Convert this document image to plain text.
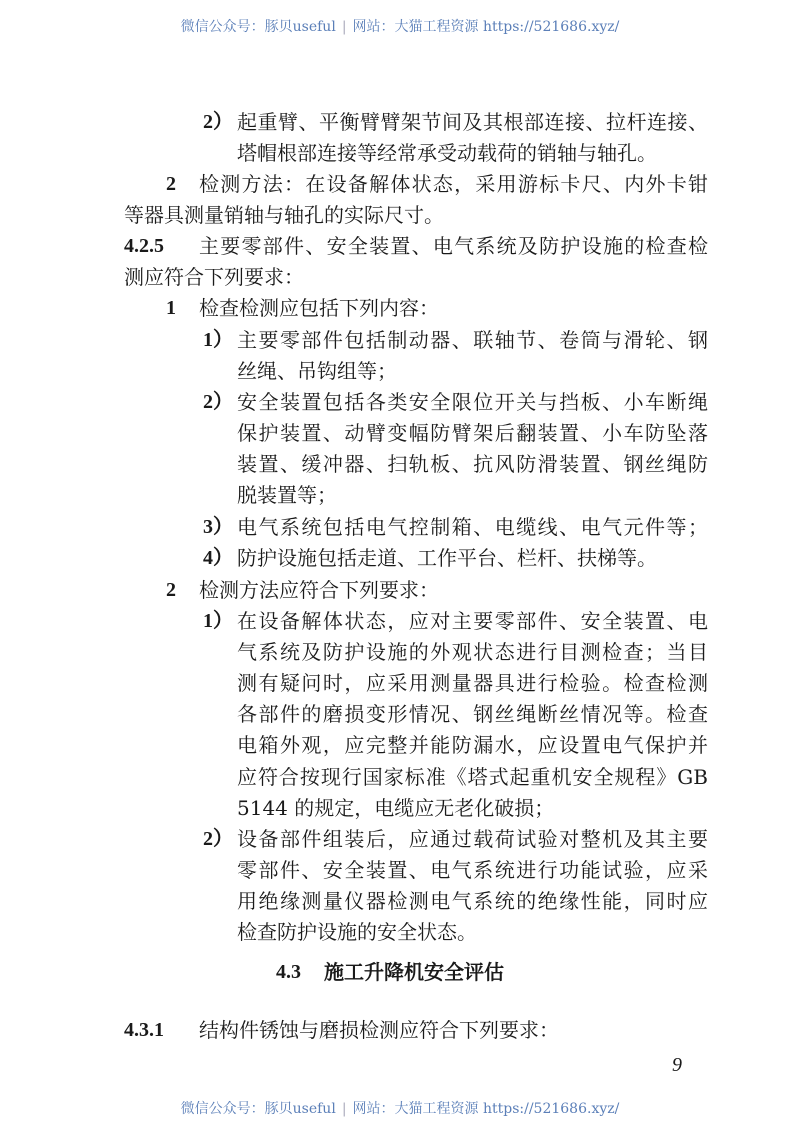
微信公众号：豚贝useful | 网站：大猫工程资源 https://521686.xyz/
2） 起重臂、平衡臂臂架节间及其根部连接、拉杆连接、
塔帽根部连接等经常承受动载荷的销轴与轴孔。
2 检测方法：在设备解体状态，采用游标卡尺、内外卡钳
等器具测量销轴与轴孔的实际尺寸。
4.2.5 主要零部件、安全装置、电气系统及防护设施的检查检
测应符合下列要求：
1 检查检测应包括下列内容：
1） 主要零部件包括制动器、联轴节、卷筒与滑轮、钢
丝绳、吊钩组等；
2） 安全装置包括各类安全限位开关与挡板、小车断绳
保护装置、动臂变幅防臂架后翻装置、小车防坠落
装置、缓冲器、扫轨板、抗风防滑装置、钢丝绳防
脱装置等；
3） 电气系统包括电气控制箱、电缆线、电气元件等；
4） 防护设施包括走道、工作平台、栏杆、扶梯等。
2 检测方法应符合下列要求：
1） 在设备解体状态，应对主要零部件、安全装置、电
气系统及防护设施的外观状态进行目测检查；当目
测有疑问时，应采用测量器具进行检验。检查检测
各部件的磨损变形情况、钢丝绳断丝情况等。检查
电箱外观，应完整并能防漏水，应设置电气保护并
应符合按现行国家标准《塔式起重机安全规程》GB
5144 的规定，电缆应无老化破损；
2） 设备部件组装后，应通过载荷试验对整机及其主要
零部件、安全装置、电气系统进行功能试验，应采
用绝缘测量仪器检测电气系统的绝缘性能，同时应
检查防护设施的安全状态。
4.3 施工升降机安全评估
4.3.1 结构件锈蚀与磨损检测应符合下列要求：
9
微信公众号：豚贝useful | 网站：大猫工程资源 https://521686.xyz/
